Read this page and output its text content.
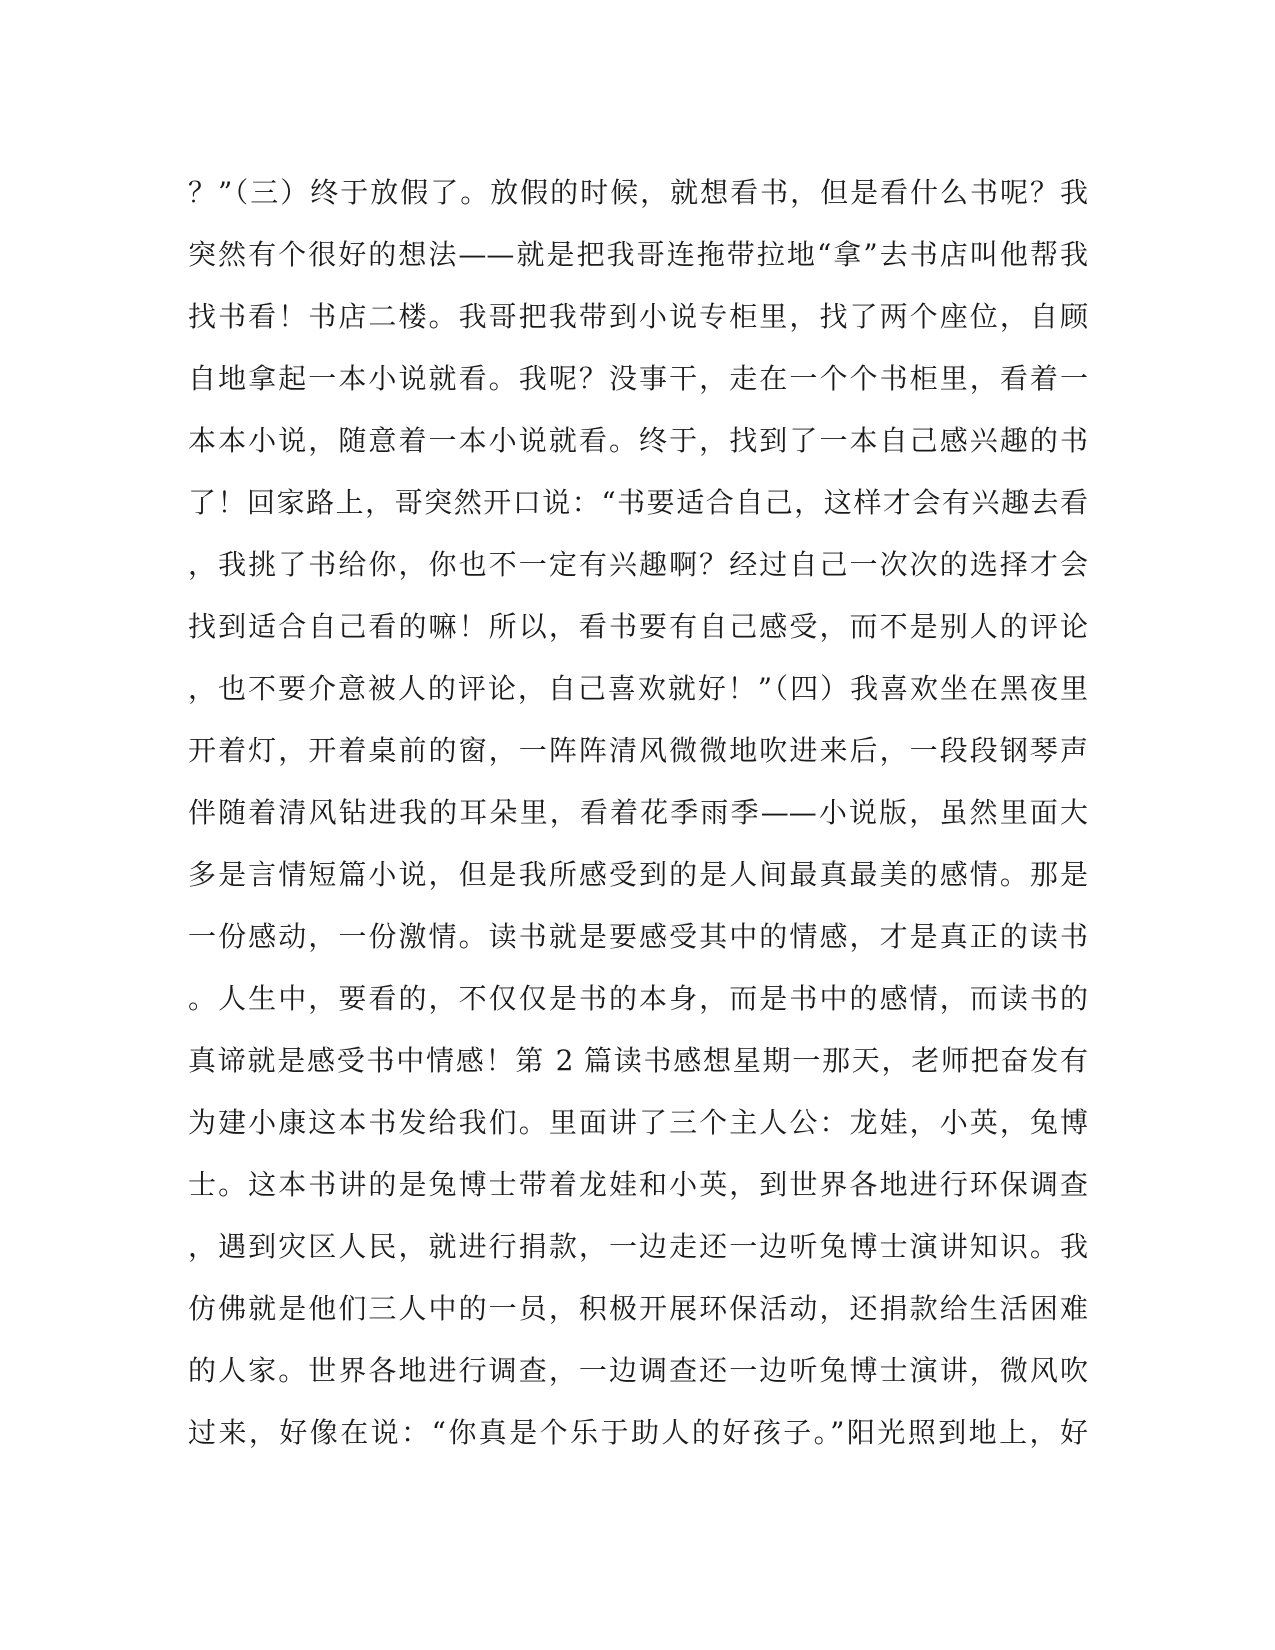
？”（三）终于放假了。放假的时候，就想看书，但是看什么书呢？我
突然有个很好的想法——就是把我哥连拖带拉地“拿”去书店叫他帮我
找书看！书店二楼。我哥把我带到小说专柜里，找了两个座位，自顾
自地拿起一本小说就看。我呢？没事干，走在一个个书柜里，看着一
本本小说，随意着一本小说就看。终于，找到了一本自己感兴趣的书
了！回家路上，哥突然开口说：“书要适合自己，这样才会有兴趣去看
，我挑了书给你，你也不一定有兴趣啊？经过自己一次次的选择才会
找到适合自己看的嘛！所以，看书要有自己感受，而不是别人的评论
，也不要介意被人的评论，自己喜欢就好！”（四）我喜欢坐在黑夜里
开着灯，开着桌前的窗，一阵阵清风微微地吹进来后，一段段钢琴声
伴随着清风钻进我的耳朵里，看着花季雨季——小说版，虽然里面大
多是言情短篇小说，但是我所感受到的是人间最真最美的感情。那是
一份感动，一份激情。读书就是要感受其中的情感，才是真正的读书
。人生中，要看的，不仅仅是书的本身，而是书中的感情，而读书的
真谛就是感受书中情感！第 2 篇读书感想星期一那天，老师把奋发有
为建小康这本书发给我们。里面讲了三个主人公：龙娃，小英，兔博
士。这本书讲的是兔博士带着龙娃和小英，到世界各地进行环保调查
，遇到灾区人民，就进行捐款，一边走还一边听兔博士演讲知识。我
仿佛就是他们三人中的一员，积极开展环保活动，还捐款给生活困难
的人家。世界各地进行调查，一边调查还一边听兔博士演讲，微风吹
过来，好像在说：“你真是个乐于助人的好孩子。”阳光照到地上，好
